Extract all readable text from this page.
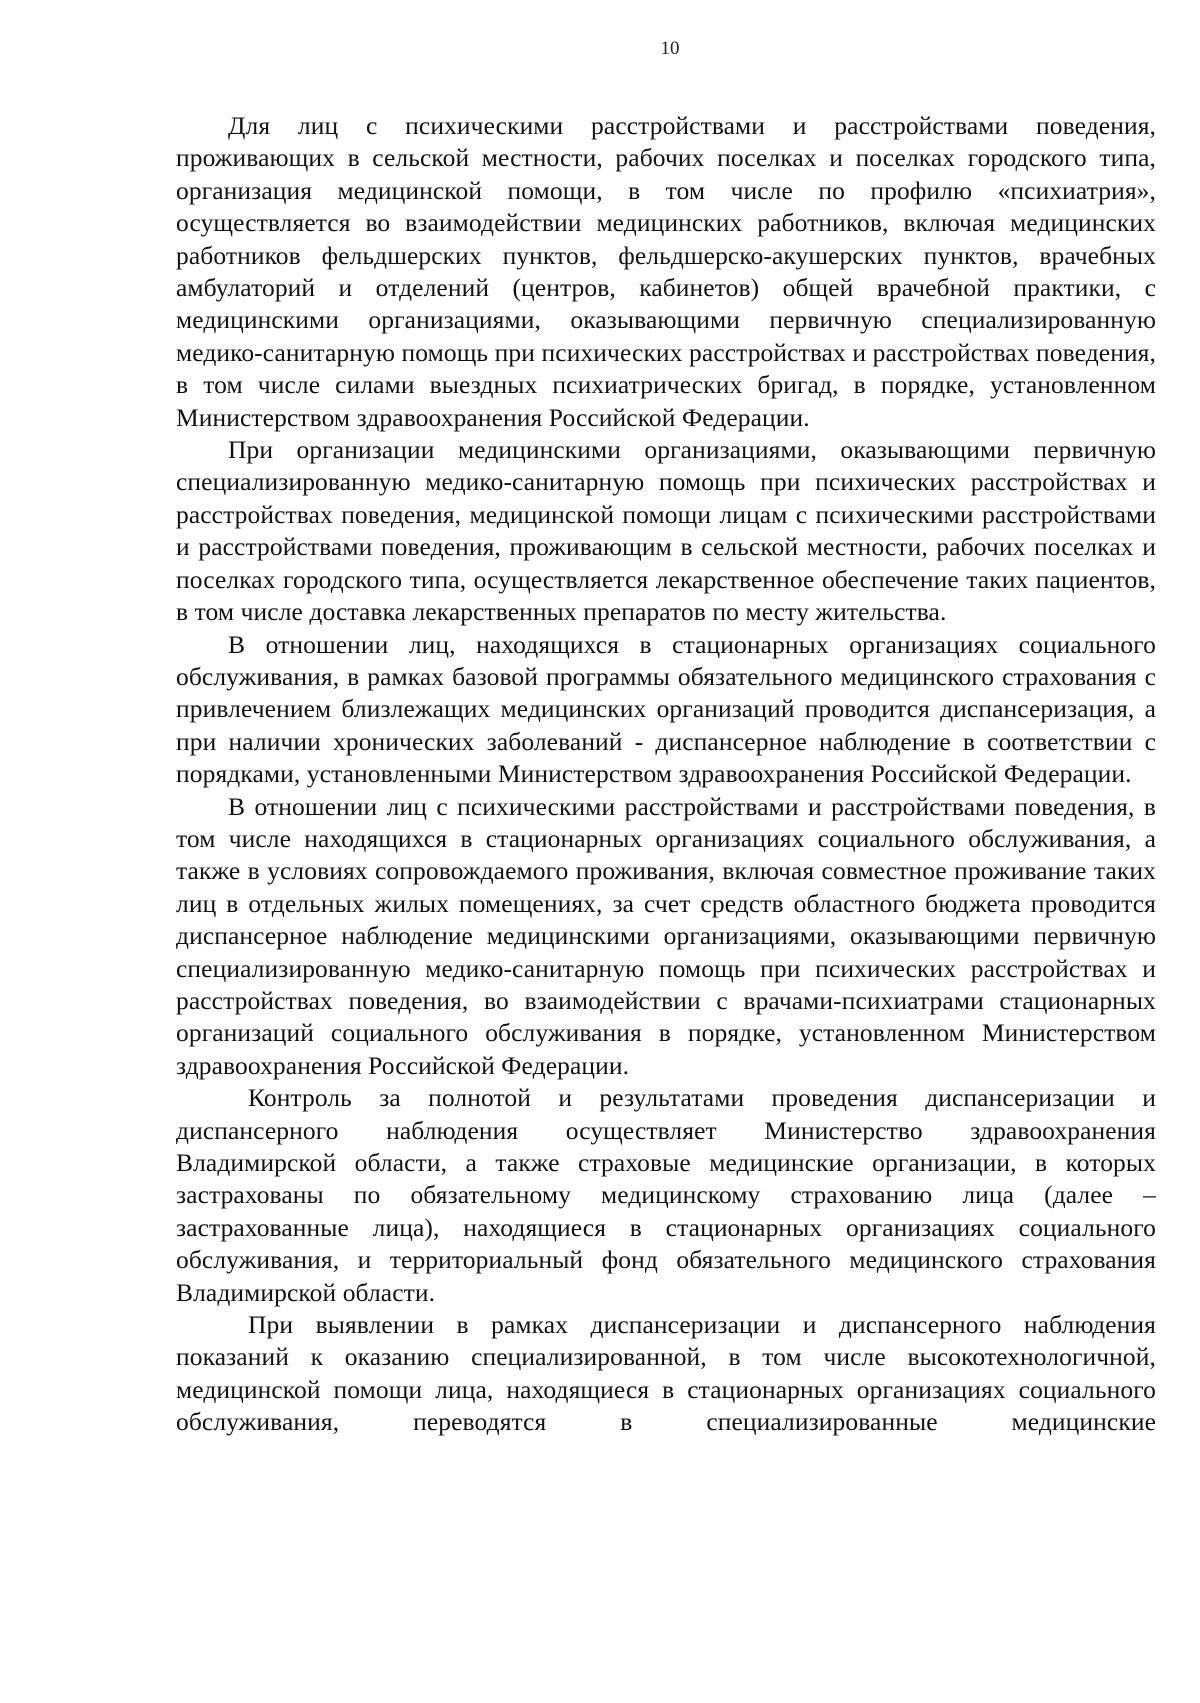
10

Для лиц с психическими расстройствами и расстройствами поведения, проживающих в сельской местности, рабочих поселках и поселках городского типа, организация медицинской помощи, в том числе по профилю «психиатрия», осуществляется во взаимодействии медицинских работников, включая медицинских работников фельдшерских пунктов, фельдшерско-акушерских пунктов, врачебных амбулаторий и отделений (центров, кабинетов) общей врачебной практики, с медицинскими организациями, оказывающими первичную специализированную медико-санитарную помощь при психических расстройствах и расстройствах поведения, в том числе силами выездных психиатрических бригад, в порядке, установленном Министерством здравоохранения Российской Федерации.

При организации медицинскими организациями, оказывающими первичную специализированную медико-санитарную помощь при психических расстройствах и расстройствах поведения, медицинской помощи лицам с психическими расстройствами и расстройствами поведения, проживающим в сельской местности, рабочих поселках и поселках городского типа, осуществляется лекарственное обеспечение таких пациентов, в том числе доставка лекарственных препаратов по месту жительства.

В отношении лиц, находящихся в стационарных организациях социального обслуживания, в рамках базовой программы обязательного медицинского страхования с привлечением близлежащих медицинских организаций проводится диспансеризация, а при наличии хронических заболеваний - диспансерное наблюдение в соответствии с порядками, установленными Министерством здравоохранения Российской Федерации.

В отношении лиц с психическими расстройствами и расстройствами поведения, в том числе находящихся в стационарных организациях социального обслуживания, а также в условиях сопровождаемого проживания, включая совместное проживание таких лиц в отдельных жилых помещениях, за счет средств областного бюджета проводится диспансерное наблюдение медицинскими организациями, оказывающими первичную специализированную медико-санитарную помощь при психических расстройствах и расстройствах поведения, во взаимодействии с врачами-психиатрами стационарных организаций социального обслуживания в порядке, установленном Министерством здравоохранения Российской Федерации.

Контроль за полнотой и результатами проведения диспансеризации и диспансерного наблюдения осуществляет Министерство здравоохранения Владимирской области, а также страховые медицинские организации, в которых застрахованы по обязательному медицинскому страхованию лица (далее – застрахованные лица), находящиеся в стационарных организациях социального обслуживания, и территориальный фонд обязательного медицинского страхования Владимирской области.

При выявлении в рамках диспансеризации и диспансерного наблюдения показаний к оказанию специализированной, в том числе высокотехнологичной, медицинской помощи лица, находящиеся в стационарных организациях социального обслуживания, переводятся в специализированные медицинские
